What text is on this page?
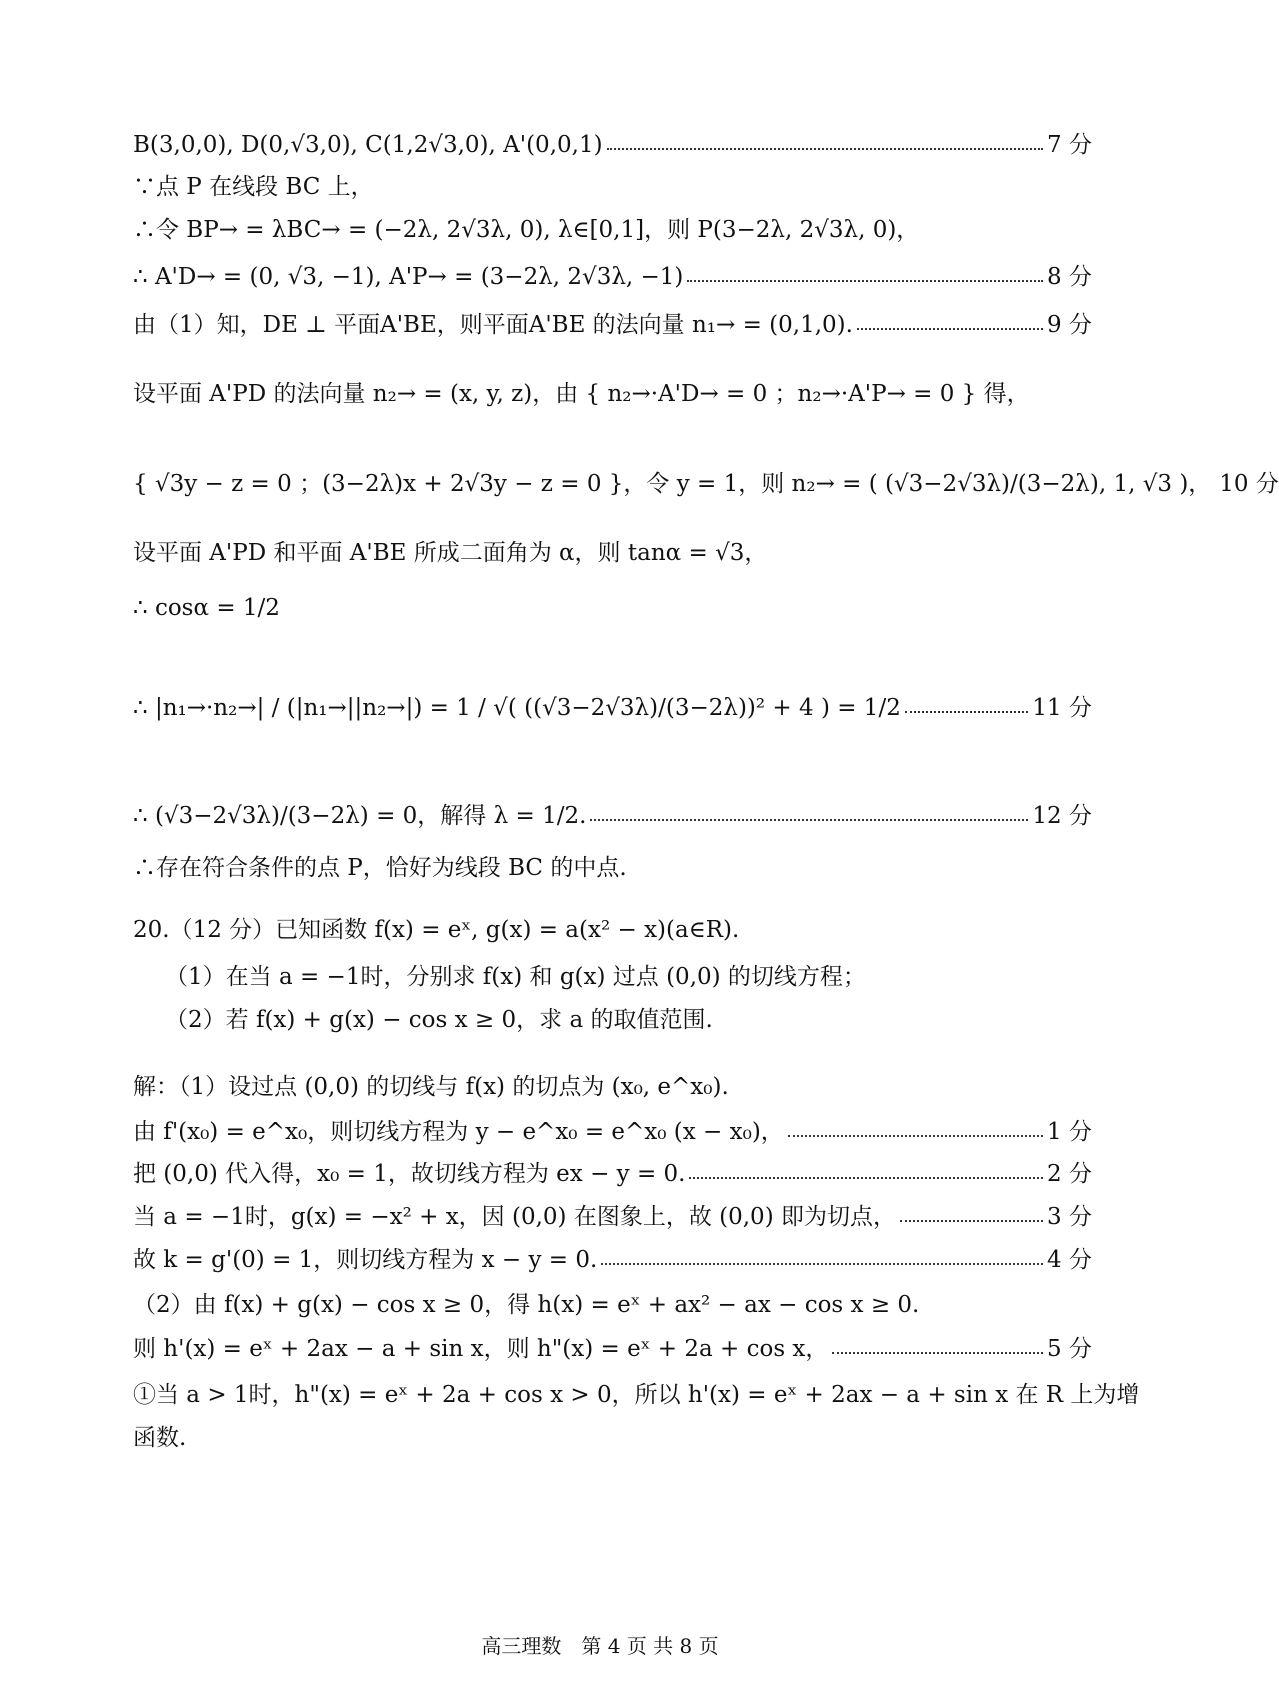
B(3,0,0), D(0,√3,0), C(1,2√3,0), A'(0,0,1)	7 分
∵点 P 在线段 BC 上，
∴令 BP→ = λBC→ = (−2λ, 2√3λ, 0), λ∈[0,1]，则 P(3−2λ, 2√3λ, 0)，
∴ A'D→ = (0, √3, −1), A'P→ = (3−2λ, 2√3λ, −1)	8 分
由（1）知，DE ⊥ 平面A'BE，则平面A'BE 的法向量 n₁→ = (0,1,0).	9 分
设平面 A'PD 的法向量 n₂→ = (x, y, z)，由 { n₂→·A'D→ = 0 ；n₂→·A'P→ = 0 } 得，
{ √3y − z = 0 ；(3−2λ)x + 2√3y − z = 0 }，令 y = 1，则 n₂→ = ( (√3−2√3λ)/(3−2λ), 1, √3 )， 10 分
设平面 A'PD 和平面 A'BE 所成二面角为 α，则 tanα = √3，
∴ cosα = 1/2
∴ |n₁→·n₂→| / (|n₁→||n₂→|) = 1 / √( ((√3−2√3λ)/(3−2λ))² + 4 ) = 1/2	11 分
∴ (√3−2√3λ)/(3−2λ) = 0，解得 λ = 1/2.	12 分
∴存在符合条件的点 P，恰好为线段 BC 的中点.
20.（12 分）已知函数 f(x) = eˣ, g(x) = a(x² − x)(a∈R).
（1）在当 a = −1时，分别求 f(x) 和 g(x) 过点 (0,0) 的切线方程；
（2）若 f(x) + g(x) − cos x ≥ 0，求 a 的取值范围.
解：（1）设过点 (0,0) 的切线与 f(x) 的切点为 (x₀, e^x₀).
由 f'(x₀) = e^x₀，则切线方程为 y − e^x₀ = e^x₀ (x − x₀)，	1 分
把 (0,0) 代入得，x₀ = 1，故切线方程为 ex − y = 0.	2 分
当 a = −1时，g(x) = −x² + x，因 (0,0) 在图象上，故 (0,0) 即为切点，	3 分
故 k = g'(0) = 1，则切线方程为 x − y = 0.	4 分
（2）由 f(x) + g(x) − cos x ≥ 0，得 h(x) = eˣ + ax² − ax − cos x ≥ 0.
则 h'(x) = eˣ + 2ax − a + sin x，则 h"(x) = eˣ + 2a + cos x，	5 分
①当 a > 1时，h"(x) = eˣ + 2a + cos x > 0，所以 h'(x) = eˣ + 2ax − a + sin x 在 R 上为增
函数.
高三理数　第 4 页 共 8 页
